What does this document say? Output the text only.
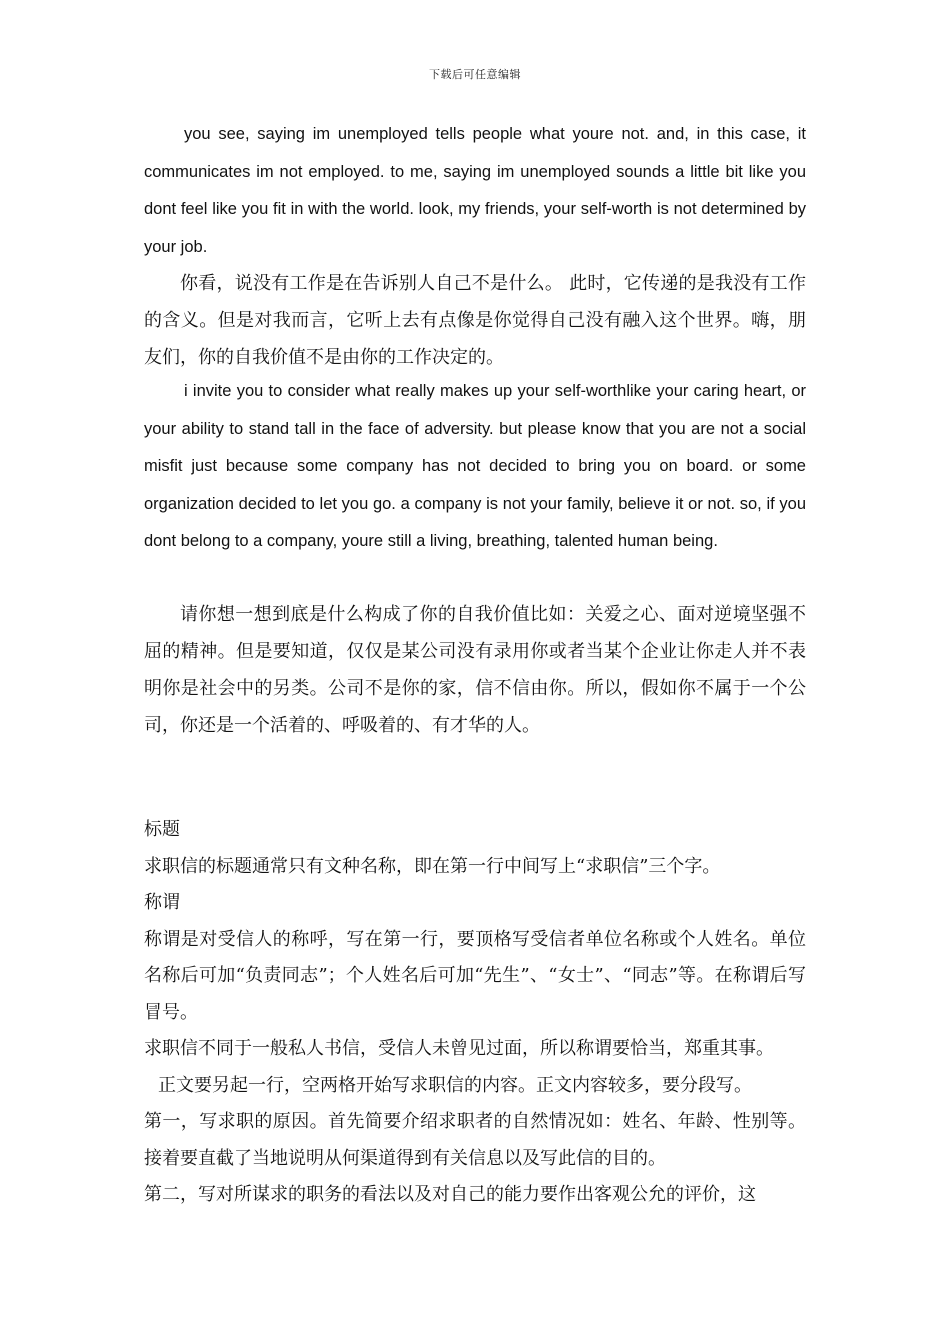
下载后可任意编辑

you see, saying im unemployed tells people what youre not. and, in this case, it communicates im not employed. to me, saying im unemployed sounds a little bit like you dont feel like you fit in with the world. look, my friends, your self-worth is not determined by your job.

你看，说没有工作是在告诉别人自己不是什么。 此时，它传递的是我没有工作的含义。但是对我而言，它听上去有点像是你觉得自己没有融入这个世界。嗨，朋友们，你的自我价值不是由你的工作决定的。

i invite you to consider what really makes up your self-worthlike your caring heart, or your ability to stand tall in the face of adversity. but please know that you are not a social misfit just because some company has not decided to bring you on board. or some organization decided to let you go. a company is not your family, believe it or not. so, if you dont belong to a company, youre still a living, breathing, talented human being.

请你想一想到底是什么构成了你的自我价值比如：关爱之心、面对逆境坚强不屈的精神。但是要知道，仅仅是某公司没有录用你或者当某个企业让你走人并不表明你是社会中的另类。公司不是你的家，信不信由你。所以，假如你不属于一个公司，你还是一个活着的、呼吸着的、有才华的人。

标题

求职信的标题通常只有文种名称，即在第一行中间写上“求职信”三个字。

称谓

称谓是对受信人的称呼，写在第一行，要顶格写受信者单位名称或个人姓名。单位名称后可加“负责同志”；个人姓名后可加“先生”、“女士”、“同志”等。在称谓后写冒号。

求职信不同于一般私人书信，受信人未曾见过面，所以称谓要恰当，郑重其事。

正文要另起一行，空两格开始写求职信的内容。正文内容较多，要分段写。

第一，写求职的原因。首先简要介绍求职者的自然情况如：姓名、年龄、性别等。接着要直截了当地说明从何渠道得到有关信息以及写此信的目的。

第二，写对所谋求的职务的看法以及对自己的能力要作出客观公允的评价，这
